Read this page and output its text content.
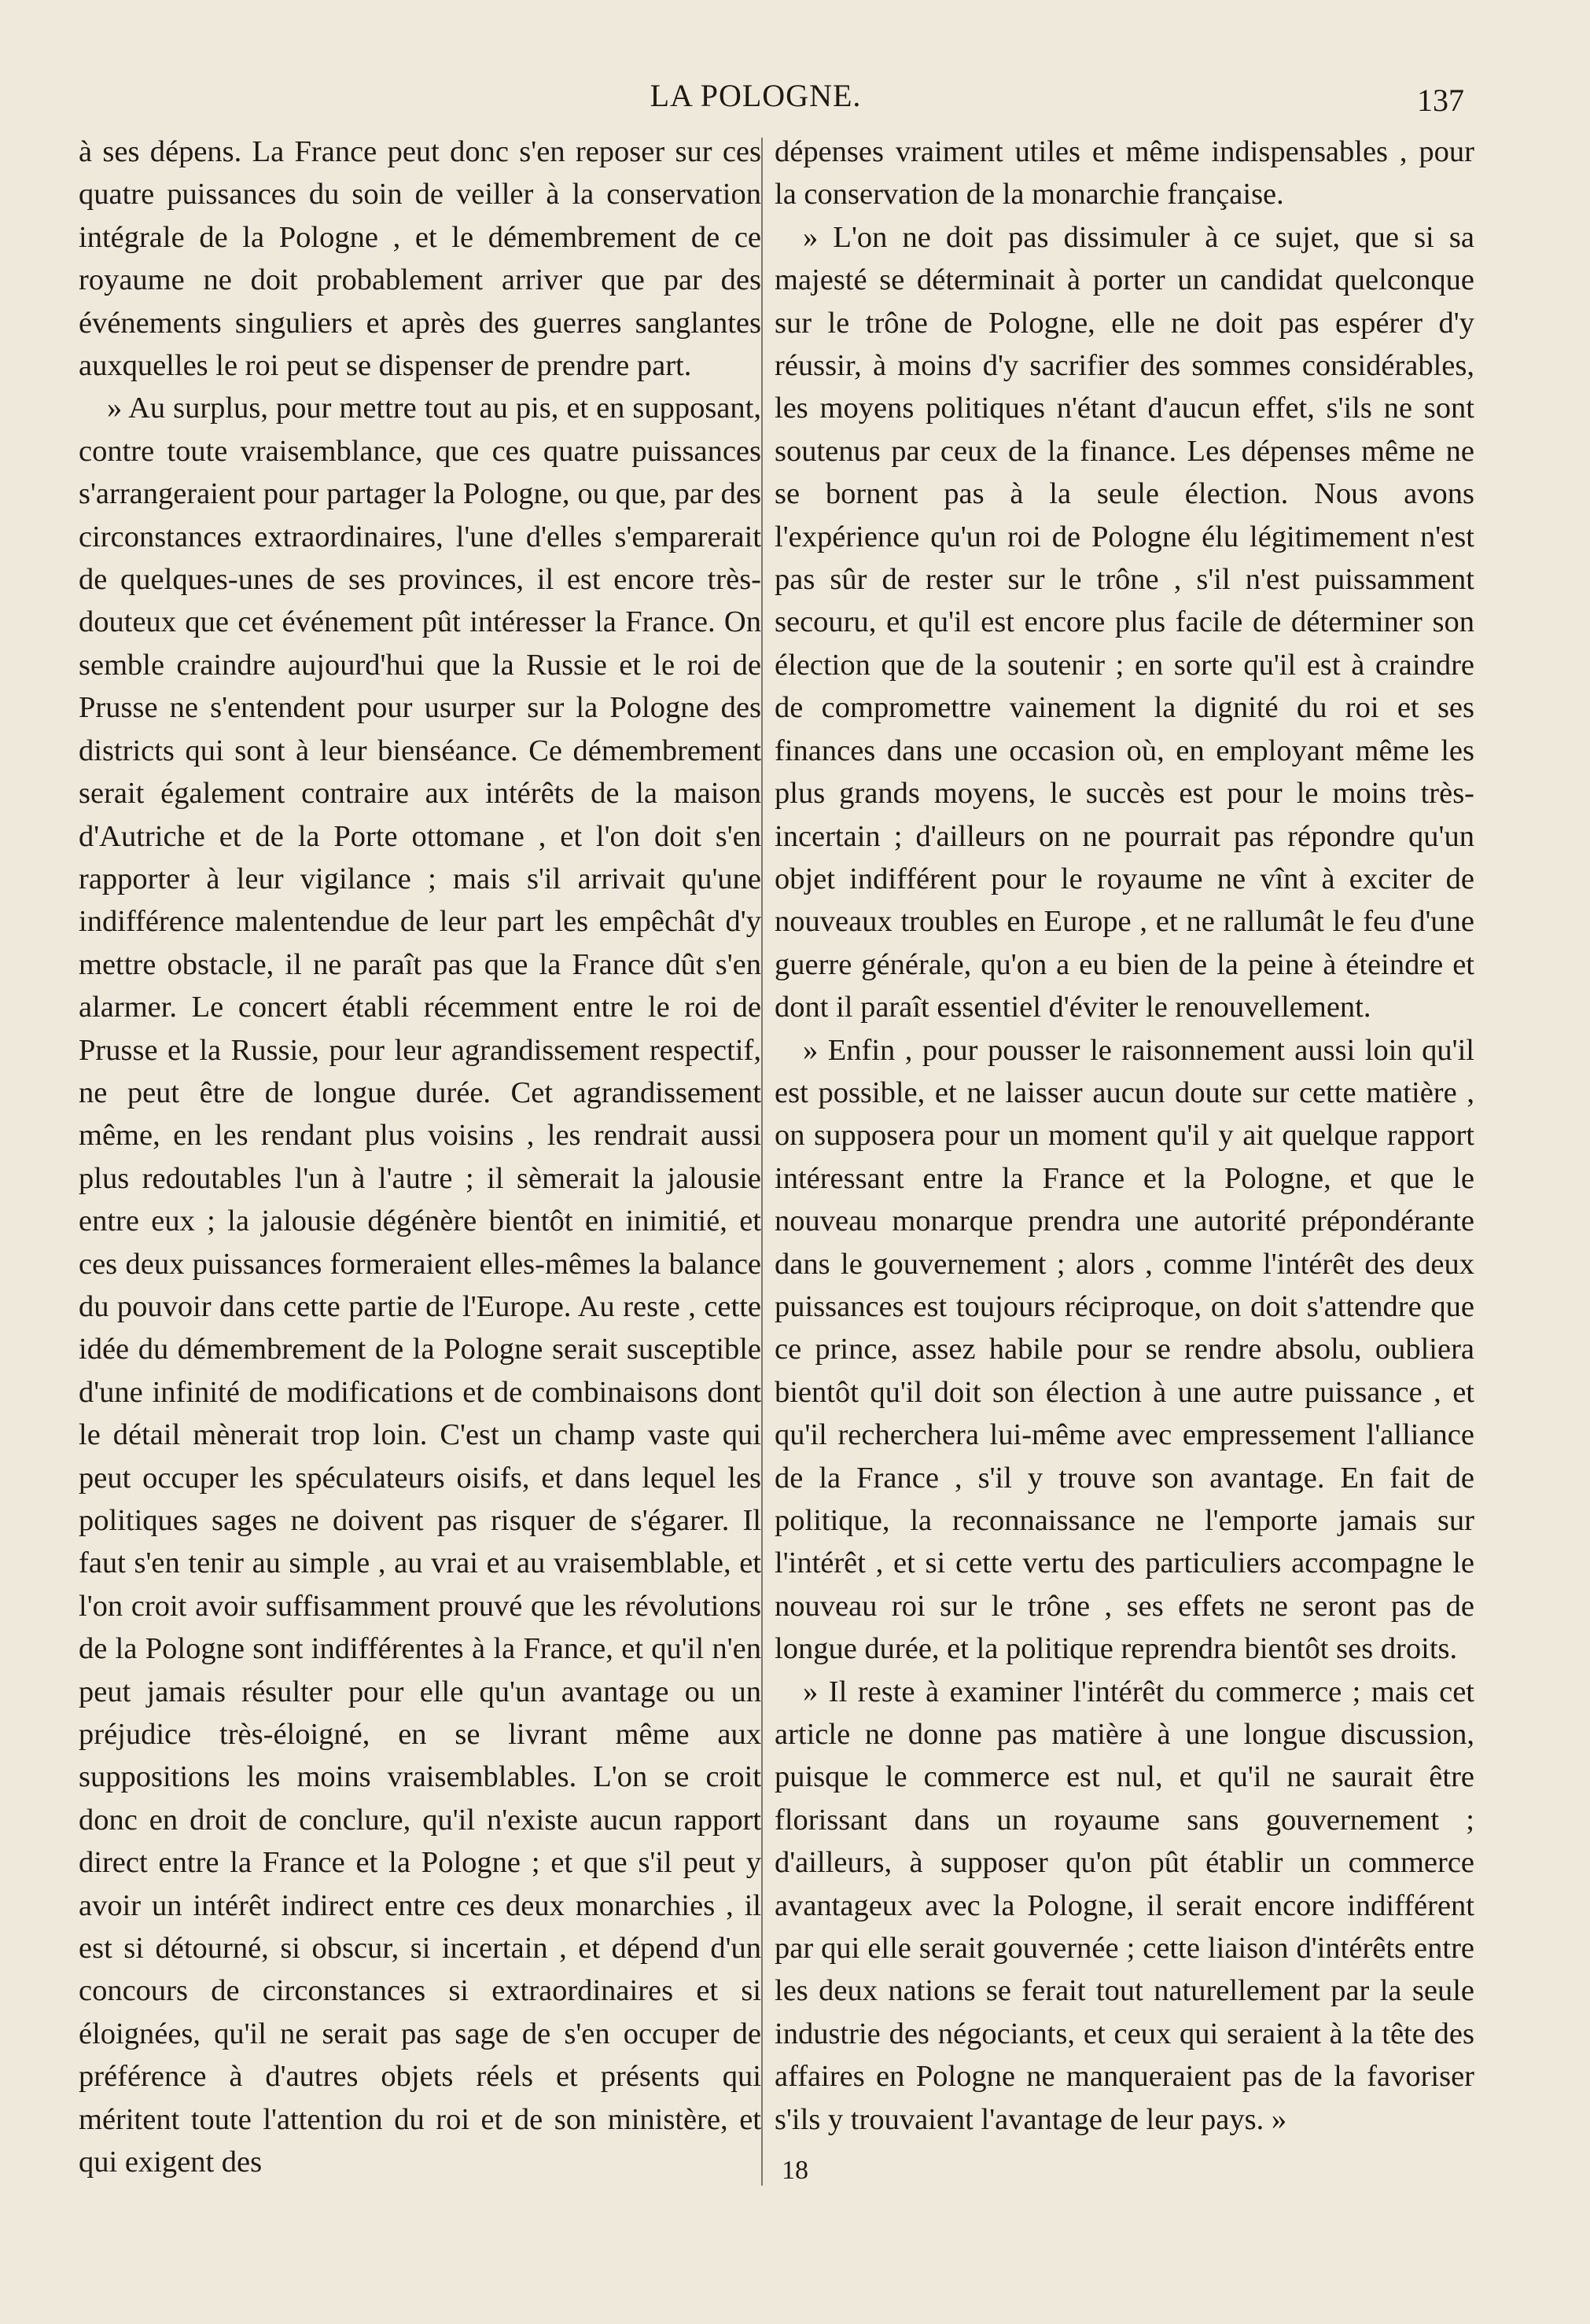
LA POLOGNE.	137

à ses dépens. La France peut donc s'en reposer sur ces quatre puissances du soin de veiller à la conservation intégrale de la Pologne , et le démembrement de ce royaume ne doit probablement arriver que par des événements singuliers et après des guerres sanglantes auxquelles le roi peut se dispenser de prendre part.

» Au surplus, pour mettre tout au pis, et en supposant, contre toute vraisemblance, que ces quatre puissances s'arrangeraient pour partager la Pologne, ou que, par des circonstances extraordinaires, l'une d'elles s'emparerait de quelques-unes de ses provinces, il est encore très-douteux que cet événement pût intéresser la France. On semble craindre aujourd'hui que la Russie et le roi de Prusse ne s'entendent pour usurper sur la Pologne des districts qui sont à leur bienséance. Ce démembrement serait également contraire aux intérêts de la maison d'Autriche et de la Porte ottomane , et l'on doit s'en rapporter à leur vigilance ; mais s'il arrivait qu'une indifférence malentendue de leur part les empêchât d'y mettre obstacle, il ne paraît pas que la France dût s'en alarmer. Le concert établi récemment entre le roi de Prusse et la Russie, pour leur agrandissement respectif, ne peut être de longue durée. Cet agrandissement même, en les rendant plus voisins , les rendrait aussi plus redoutables l'un à l'autre ; il sèmerait la jalousie entre eux ; la jalousie dégénère bientôt en inimitié, et ces deux puissances formeraient elles-mêmes la balance du pouvoir dans cette partie de l'Europe. Au reste , cette idée du démembrement de la Pologne serait susceptible d'une infinité de modifications et de combinaisons dont le détail mènerait trop loin. C'est un champ vaste qui peut occuper les spéculateurs oisifs, et dans lequel les politiques sages ne doivent pas risquer de s'égarer. Il faut s'en tenir au simple , au vrai et au vraisemblable, et l'on croit avoir suffisamment prouvé que les révolutions de la Pologne sont indifférentes à la France, et qu'il n'en peut jamais résulter pour elle qu'un avantage ou un préjudice très-éloigné, en se livrant même aux suppositions les moins vraisemblables. L'on se croit donc en droit de conclure, qu'il n'existe aucun rapport direct entre la France et la Pologne ; et que s'il peut y avoir un intérêt indirect entre ces deux monarchies , il est si détourné, si obscur, si incertain , et dépend d'un concours de circonstances si extraordinaires et si éloignées, qu'il ne serait pas sage de s'en occuper de préférence à d'autres objets réels et présents qui méritent toute l'attention du roi et de son ministère, et qui exigent des

dépenses vraiment utiles et même indispensables , pour la conservation de la monarchie française.

» L'on ne doit pas dissimuler à ce sujet, que si sa majesté se déterminait à porter un candidat quelconque sur le trône de Pologne, elle ne doit pas espérer d'y réussir, à moins d'y sacrifier des sommes considérables, les moyens politiques n'étant d'aucun effet, s'ils ne sont soutenus par ceux de la finance. Les dépenses même ne se bornent pas à la seule élection. Nous avons l'expérience qu'un roi de Pologne élu légitimement n'est pas sûr de rester sur le trône , s'il n'est puissamment secouru, et qu'il est encore plus facile de déterminer son élection que de la soutenir ; en sorte qu'il est à craindre de compromettre vainement la dignité du roi et ses finances dans une occasion où, en employant même les plus grands moyens, le succès est pour le moins très-incertain ; d'ailleurs on ne pourrait pas répondre qu'un objet indifférent pour le royaume ne vînt à exciter de nouveaux troubles en Europe , et ne rallumât le feu d'une guerre générale, qu'on a eu bien de la peine à éteindre et dont il paraît essentiel d'éviter le renouvellement.

» Enfin , pour pousser le raisonnement aussi loin qu'il est possible, et ne laisser aucun doute sur cette matière , on supposera pour un moment qu'il y ait quelque rapport intéressant entre la France et la Pologne, et que le nouveau monarque prendra une autorité prépondérante dans le gouvernement ; alors , comme l'intérêt des deux puissances est toujours réciproque, on doit s'attendre que ce prince, assez habile pour se rendre absolu, oubliera bientôt qu'il doit son élection à une autre puissance , et qu'il recherchera lui-même avec empressement l'alliance de la France , s'il y trouve son avantage. En fait de politique, la reconnaissance ne l'emporte jamais sur l'intérêt , et si cette vertu des particuliers accompagne le nouveau roi sur le trône , ses effets ne seront pas de longue durée, et la politique reprendra bientôt ses droits.

» Il reste à examiner l'intérêt du commerce ; mais cet article ne donne pas matière à une longue discussion, puisque le commerce est nul, et qu'il ne saurait être florissant dans un royaume sans gouvernement ; d'ailleurs, à supposer qu'on pût établir un commerce avantageux avec la Pologne, il serait encore indifférent par qui elle serait gouvernée ; cette liaison d'intérêts entre les deux nations se ferait tout naturellement par la seule industrie des négociants, et ceux qui seraient à la tête des affaires en Pologne ne manqueraient pas de la favoriser s'ils y trouvaient l'avantage de leur pays. »

18
